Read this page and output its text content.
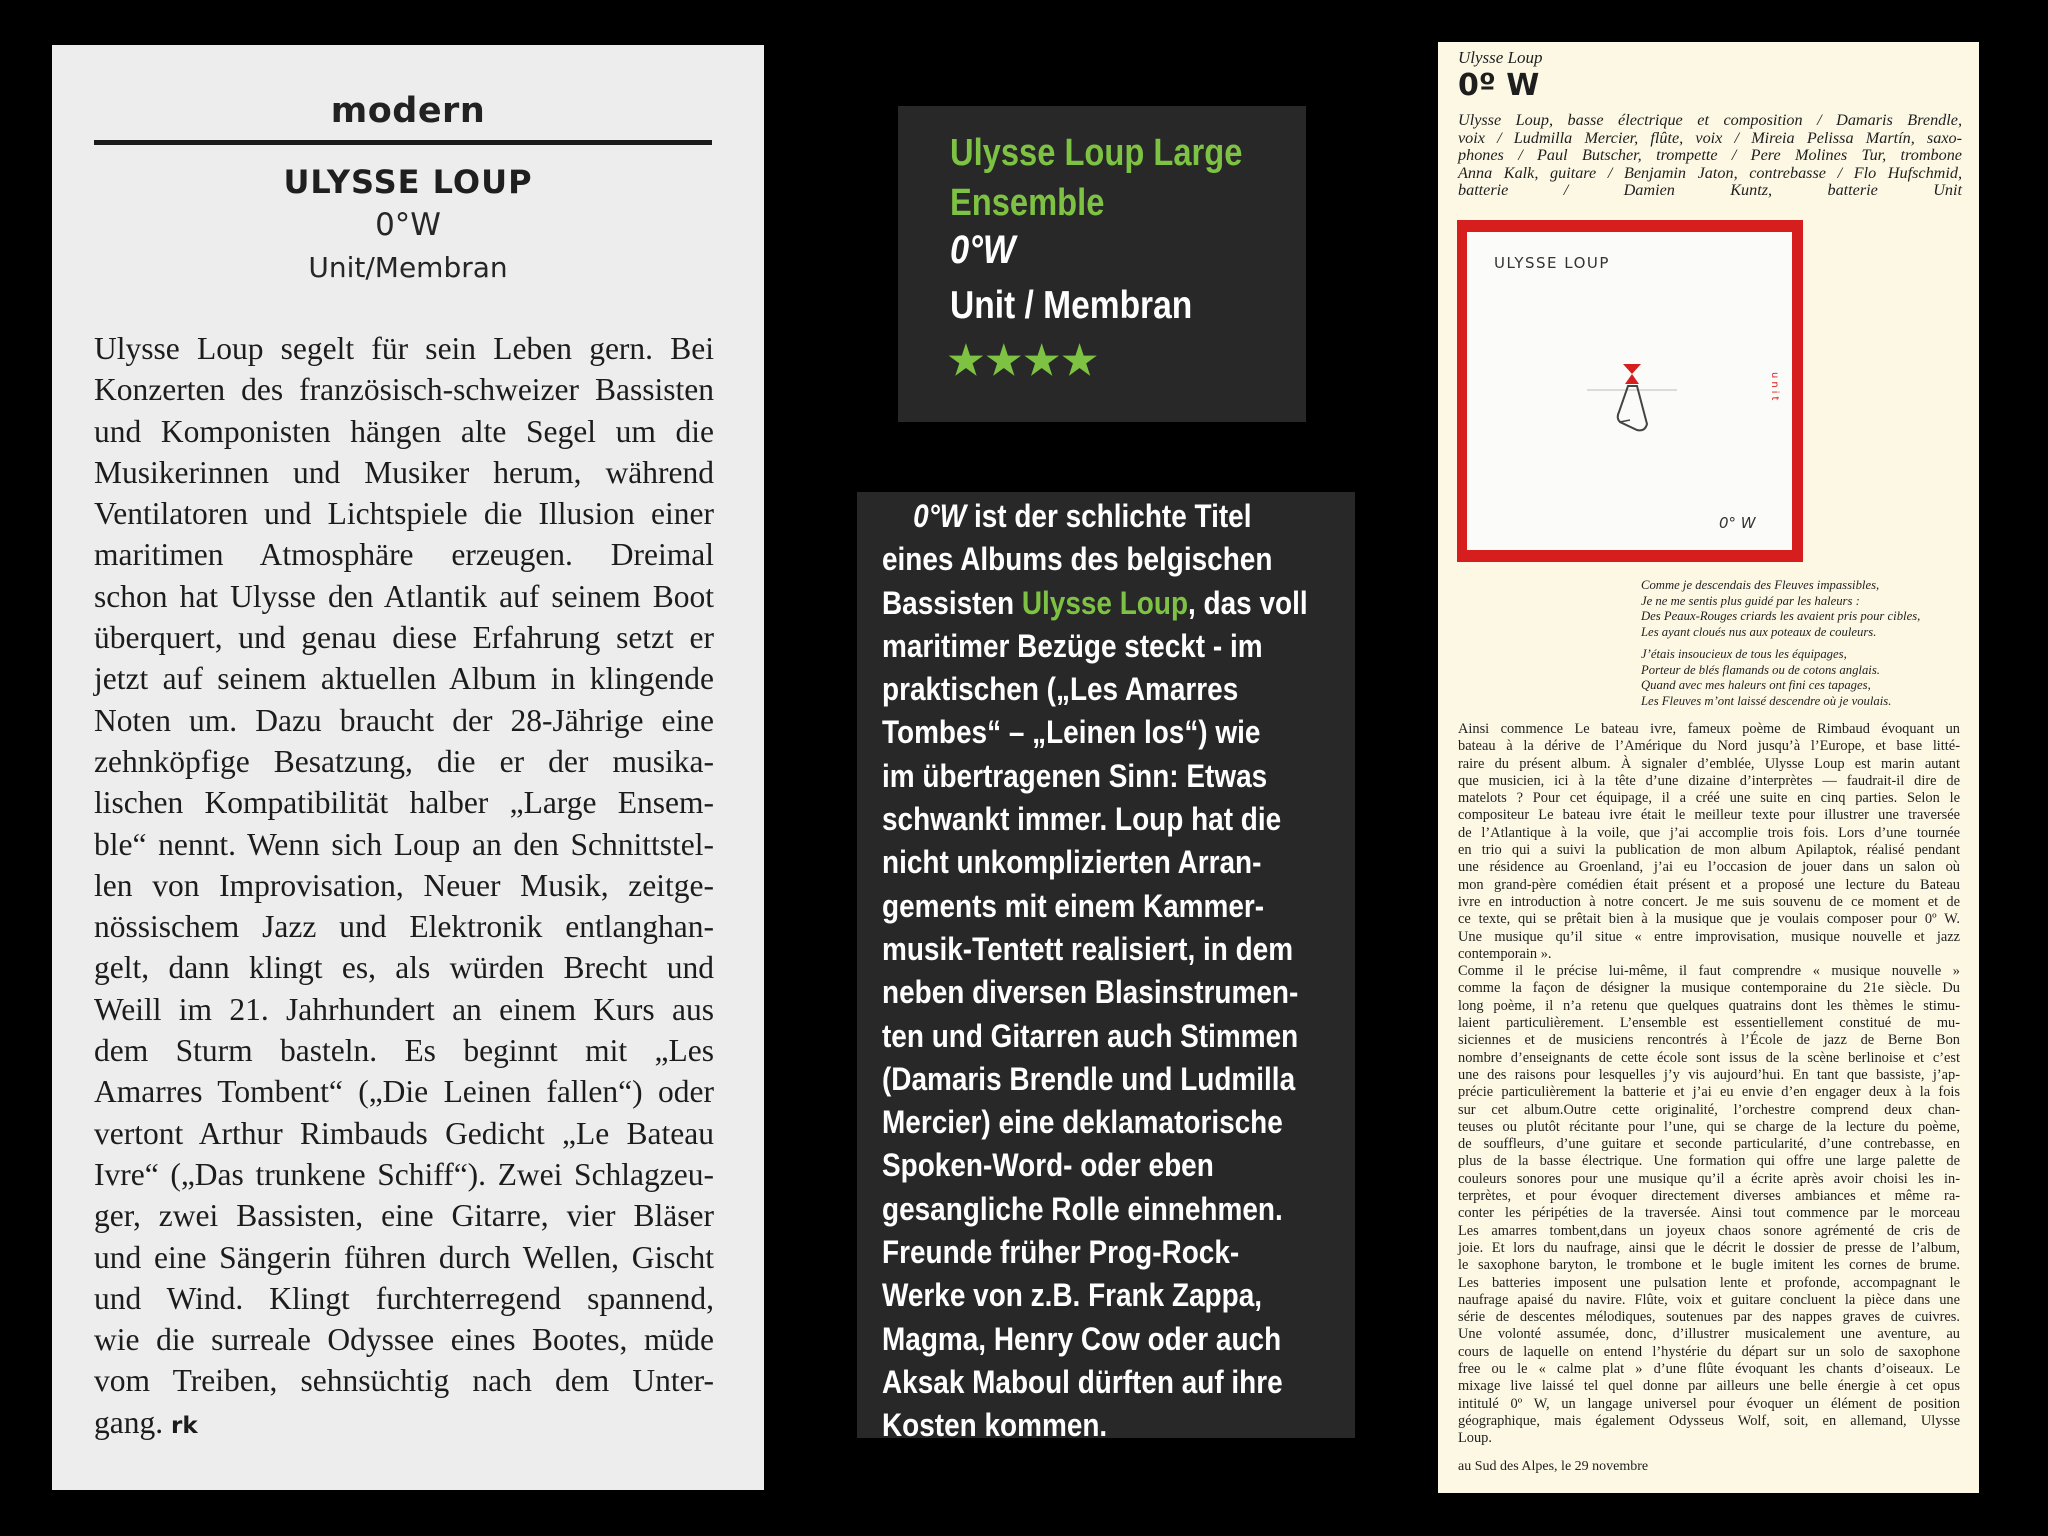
modern
ULYSSE LOUP
0°W
Unit/Membran
Ulysse Loup segelt für sein Leben gern. Bei
Konzerten des französisch-schweizer Bassisten
und Komponisten hängen alte Segel um die
Musikerinnen und Musiker herum, während
Ventilatoren und Lichtspiele die Illusion einer
maritimen Atmosphäre erzeugen. Dreimal
schon hat Ulysse den Atlantik auf seinem Boot
überquert, und genau diese Erfahrung setzt er
jetzt auf seinem aktuellen Album in klingende
Noten um. Dazu braucht der 28-Jährige eine
zehnköpfige Besatzung, die er der musika-
lischen Kompatibilität halber „Large Ensem-
ble“ nennt. Wenn sich Loup an den Schnittstel-
len von Improvisation, Neuer Musik, zeitge-
nössischem Jazz und Elektronik entlanghan-
gelt, dann klingt es, als würden Brecht und
Weill im 21. Jahrhundert an einem Kurs aus
dem Sturm basteln. Es beginnt mit „Les
Amarres Tombent“ („Die Leinen fallen“) oder
vertont Arthur Rimbauds Gedicht „Le Bateau
Ivre“ („Das trunkene Schiff“). Zwei Schlagzeu-
ger, zwei Bassisten, eine Gitarre, vier Bläser
und eine Sängerin führen durch Wellen, Gischt
und Wind. Klingt furchterregend spannend,
wie die surreale Odyssee eines Bootes, müde
vom Treiben, sehnsüchtig nach dem Unter-
gang. rk
Ulysse Loup Large
Ensemble
0°W
Unit / Membran
★★★★
0°W ist der schlichte Titel
eines Albums des belgischen
Bassisten Ulysse Loup, das voll
maritimer Bezüge steckt - im
praktischen („Les Amarres
Tombes“ – „Leinen los“) wie
im übertragenen Sinn: Etwas
schwankt immer. Loup hat die
nicht unkomplizierten Arran-
gements mit einem Kammer-
musik-Tentett realisiert, in dem
neben diversen Blasinstrumen-
ten und Gitarren auch Stimmen
(Damaris Brendle und Ludmilla
Mercier) eine deklamatorische
Spoken-Word- oder eben
gesangliche Rolle einnehmen.
Freunde früher Prog-Rock-
Werke von z.B. Frank Zappa,
Magma, Henry Cow oder auch
Aksak Maboul dürften auf ihre
Kosten kommen.
Ulysse Loup
0º W
Ulysse Loup, basse électrique et composition / Damaris Brendle,
voix / Ludmilla Mercier, flûte, voix / Mireia Pelissa Martín, saxo-
phones / Paul Butscher, trompette / Pere Molines Tur, trombone
Anna Kalk, guitare / Benjamin Jaton, contrebasse / Flo Hufschmid,
batterie / Damien Kuntz, batterie	Unit
ULYSSE LOUP
unit
0° W
Comme je descendais des Fleuves impassibles,
Je ne me sentis plus guidé par les haleurs :
Des Peaux-Rouges criards les avaient pris pour cibles,
Les ayant cloués nus aux poteaux de couleurs.
J’étais insoucieux de tous les équipages,
Porteur de blés flamands ou de cotons anglais.
Quand avec mes haleurs ont fini ces tapages,
Les Fleuves m’ont laissé descendre où je voulais.
Ainsi commence Le bateau ivre, fameux poème de Rimbaud évoquant un
bateau à la dérive de l’Amérique du Nord jusqu’à l’Europe, et base litté-
raire du présent album. À signaler d’emblée, Ulysse Loup est marin autant
que musicien, ici à la tête d’une dizaine d’interprètes — faudrait-il dire de
matelots ? Pour cet équipage, il a créé une suite en cinq parties. Selon le
compositeur Le bateau ivre était le meilleur texte pour illustrer une traversée
de l’Atlantique à la voile, que j’ai accomplie trois fois. Lors d’une tournée
en trio qui a suivi la publication de mon album Apilaptok, réalisé pendant
une résidence au Groenland, j’ai eu l’occasion de jouer dans un salon où
mon grand-père comédien était présent et a proposé une lecture du Bateau
ivre en introduction à notre concert. Je me suis souvenu de ce moment et de
ce texte, qui se prêtait bien à la musique que je voulais composer pour 0º W.
Une musique qu’il situe « entre improvisation, musique nouvelle et jazz
contemporain ».
Comme il le précise lui-même, il faut comprendre « musique nouvelle »
comme la façon de désigner la musique contemporaine du 21e siècle. Du
long poème, il n’a retenu que quelques quatrains dont les thèmes le stimu-
laient particulièrement. L’ensemble est essentiellement constitué de mu-
siciennes et de musiciens rencontrés à l’École de jazz de Berne Bon
nombre d’enseignants de cette école sont issus de la scène berlinoise et c’est
une des raisons pour lesquelles j’y vis aujourd’hui. En tant que bassiste, j’ap-
précie particulièrement la batterie et j’ai eu envie d’en engager deux à la fois
sur cet album.Outre cette originalité, l’orchestre comprend deux chan-
teuses ou plutôt récitante pour l’une, qui se charge de la lecture du poème,
de souffleurs, d’une guitare et seconde particularité, d’une contrebasse, en
plus de la basse électrique. Une formation qui offre une large palette de
couleurs sonores pour une musique qu’il a écrite après avoir choisi les in-
terprètes, et pour évoquer directement diverses ambiances et même ra-
conter les péripéties de la traversée. Ainsi tout commence par le morceau
Les amarres tombent,dans un joyeux chaos sonore agrémenté de cris de
joie. Et lors du naufrage, ainsi que le décrit le dossier de presse de l’album,
le saxophone baryton, le trombone et le bugle imitent les cornes de brume.
Les batteries imposent une pulsation lente et profonde, accompagnant le
naufrage apaisé du navire. Flûte, voix et guitare concluent la pièce dans une
série de descentes mélodiques, soutenues par des nappes graves de cuivres.
Une volonté assumée, donc, d’illustrer musicalement une aventure, au
cours de laquelle on entend l’hystérie du départ sur un solo de saxophone
free ou le « calme plat » d’une flûte évoquant les chants d’oiseaux. Le
mixage live laissé tel quel donne par ailleurs une belle énergie à cet opus
intitulé 0º W, un langage universel pour évoquer un élément de position
géographique, mais également Odysseus Wolf, soit, en allemand, Ulysse
Loup.
au Sud des Alpes, le 29 novembre
